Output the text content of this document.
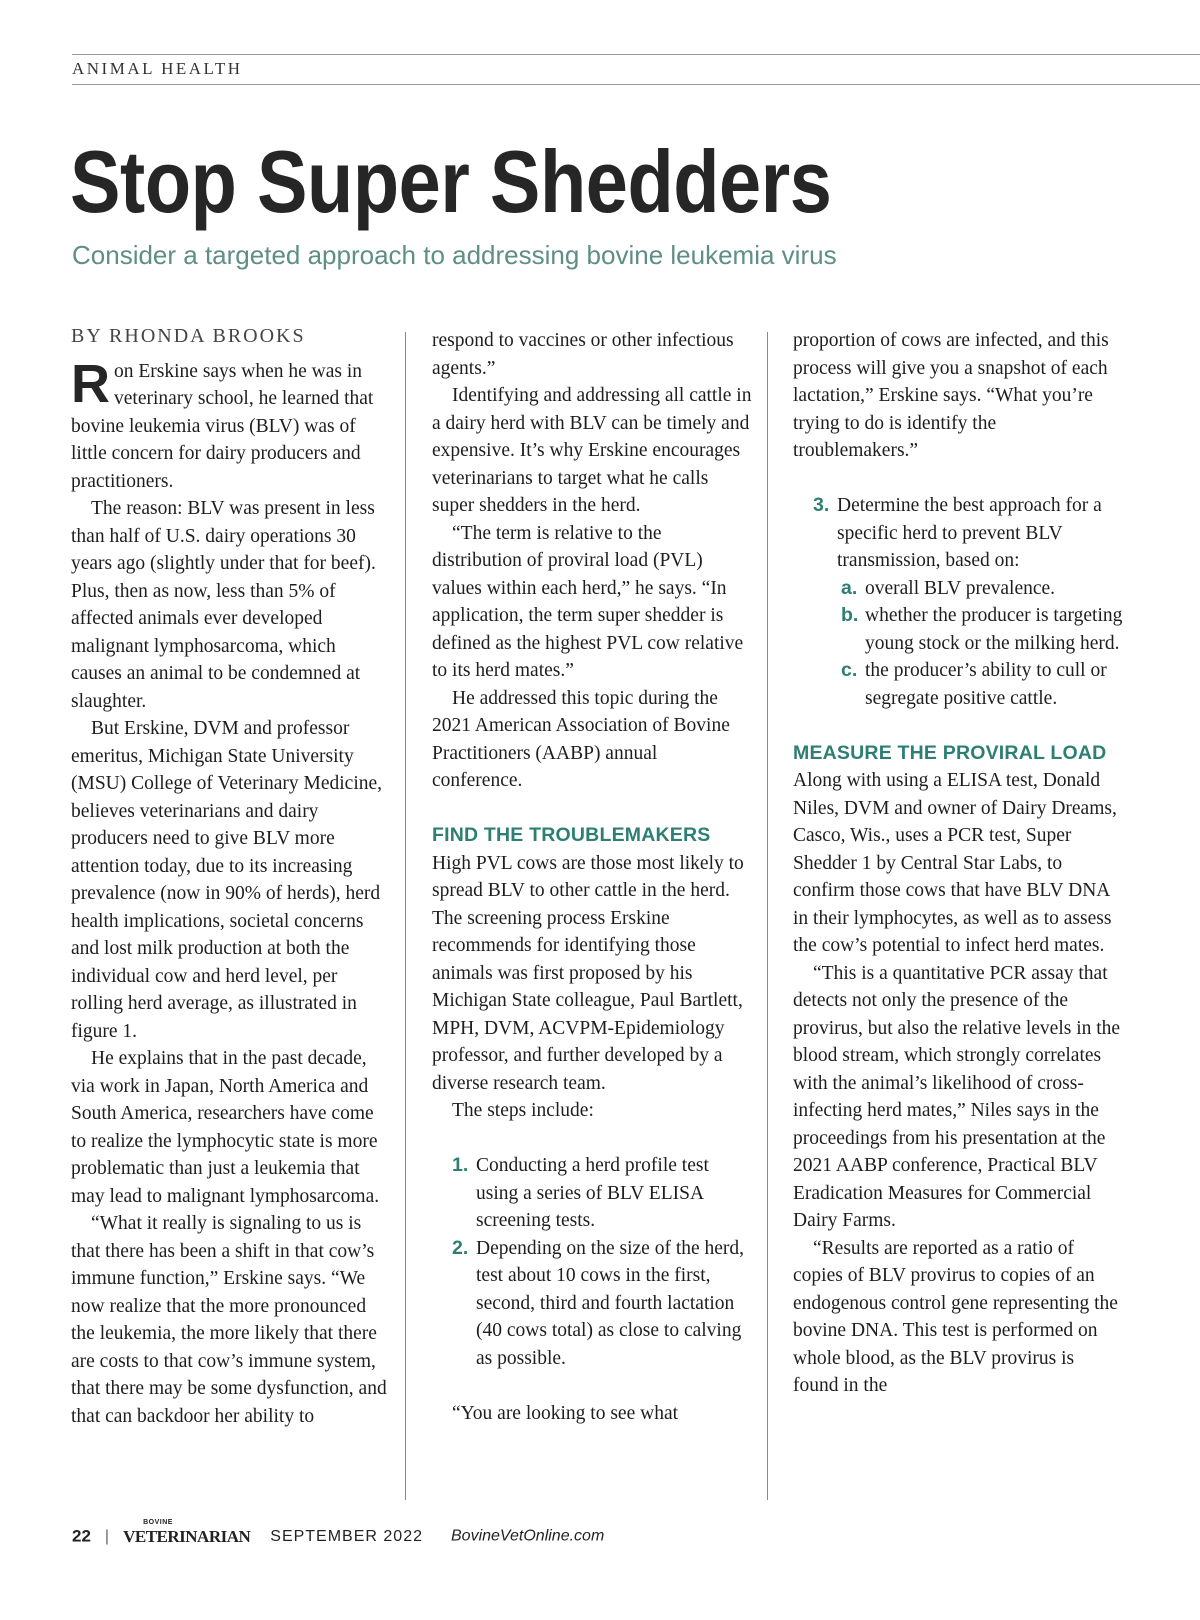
ANIMAL HEALTH
Stop Super Shedders
Consider a targeted approach to addressing bovine leukemia virus

BY RHONDA BROOKS

Ron Erskine says when he was in veterinary school, he learned that bovine leukemia virus (BLV) was of little concern for dairy producers and practitioners.

The reason: BLV was present in less than half of U.S. dairy operations 30 years ago (slightly under that for beef). Plus, then as now, less than 5% of affected animals ever developed malignant lymphosarcoma, which causes an animal to be condemned at slaughter.

But Erskine, DVM and professor emeritus, Michigan State University (MSU) College of Veterinary Medicine, believes veterinarians and dairy producers need to give BLV more attention today, due to its increasing prevalence (now in 90% of herds), herd health implications, societal concerns and lost milk production at both the individual cow and herd level, per rolling herd average, as illustrated in figure 1.

He explains that in the past decade, via work in Japan, North America and South America, researchers have come to realize the lymphocytic state is more problematic than just a leukemia that may lead to malignant lymphosarcoma.

“What it really is signaling to us is that there has been a shift in that cow’s immune function,” Erskine says. “We now realize that the more pronounced the leukemia, the more likely that there are costs to that cow’s immune system, that there may be some dysfunction, and that can backdoor her ability to

respond to vaccines or other infectious agents.”

Identifying and addressing all cattle in a dairy herd with BLV can be timely and expensive. It’s why Erskine encourages veterinarians to target what he calls super shedders in the herd.

“The term is relative to the distribution of proviral load (PVL) values within each herd,” he says. “In application, the term super shedder is defined as the highest PVL cow relative to its herd mates.”

He addressed this topic during the 2021 American Association of Bovine Practitioners (AABP) annual conference.

FIND THE TROUBLEMAKERS

High PVL cows are those most likely to spread BLV to other cattle in the herd. The screening process Erskine recommends for identifying those animals was first proposed by his Michigan State colleague, Paul Bartlett, MPH, DVM, ACVPM-Epidemiology professor, and further developed by a diverse research team.

The steps include:

1. Conducting a herd profile test using a series of BLV ELISA screening tests.

2. Depending on the size of the herd, test about 10 cows in the first, second, third and fourth lactation (40 cows total) as close to calving as possible.

“You are looking to see what

proportion of cows are infected, and this process will give you a snapshot of each lactation,” Erskine says. “What you’re trying to do is identify the troublemakers.”

3. Determine the best approach for a specific herd to prevent BLV transmission, based on:

a. overall BLV prevalence.

b. whether the producer is targeting young stock or the milking herd.

c. the producer’s ability to cull or segregate positive cattle.

MEASURE THE PROVIRAL LOAD

Along with using a ELISA test, Donald Niles, DVM and owner of Dairy Dreams, Casco, Wis., uses a PCR test, Super Shedder 1 by Central Star Labs, to confirm those cows that have BLV DNA in their lymphocytes, as well as to assess the cow’s potential to infect herd mates.

“This is a quantitative PCR assay that detects not only the presence of the provirus, but also the relative levels in the blood stream, which strongly correlates with the animal’s likelihood of cross-infecting herd mates,” Niles says in the proceedings from his presentation at the 2021 AABP conference, Practical BLV Eradication Measures for Commercial Dairy Farms.

“Results are reported as a ratio of copies of BLV provirus to copies of an endogenous control gene representing the bovine DNA. This test is performed on whole blood, as the BLV provirus is found in the

22 |
BOVINE
VETERINARIAN SEPTEMBER 2022 BovineVetOnline.com
